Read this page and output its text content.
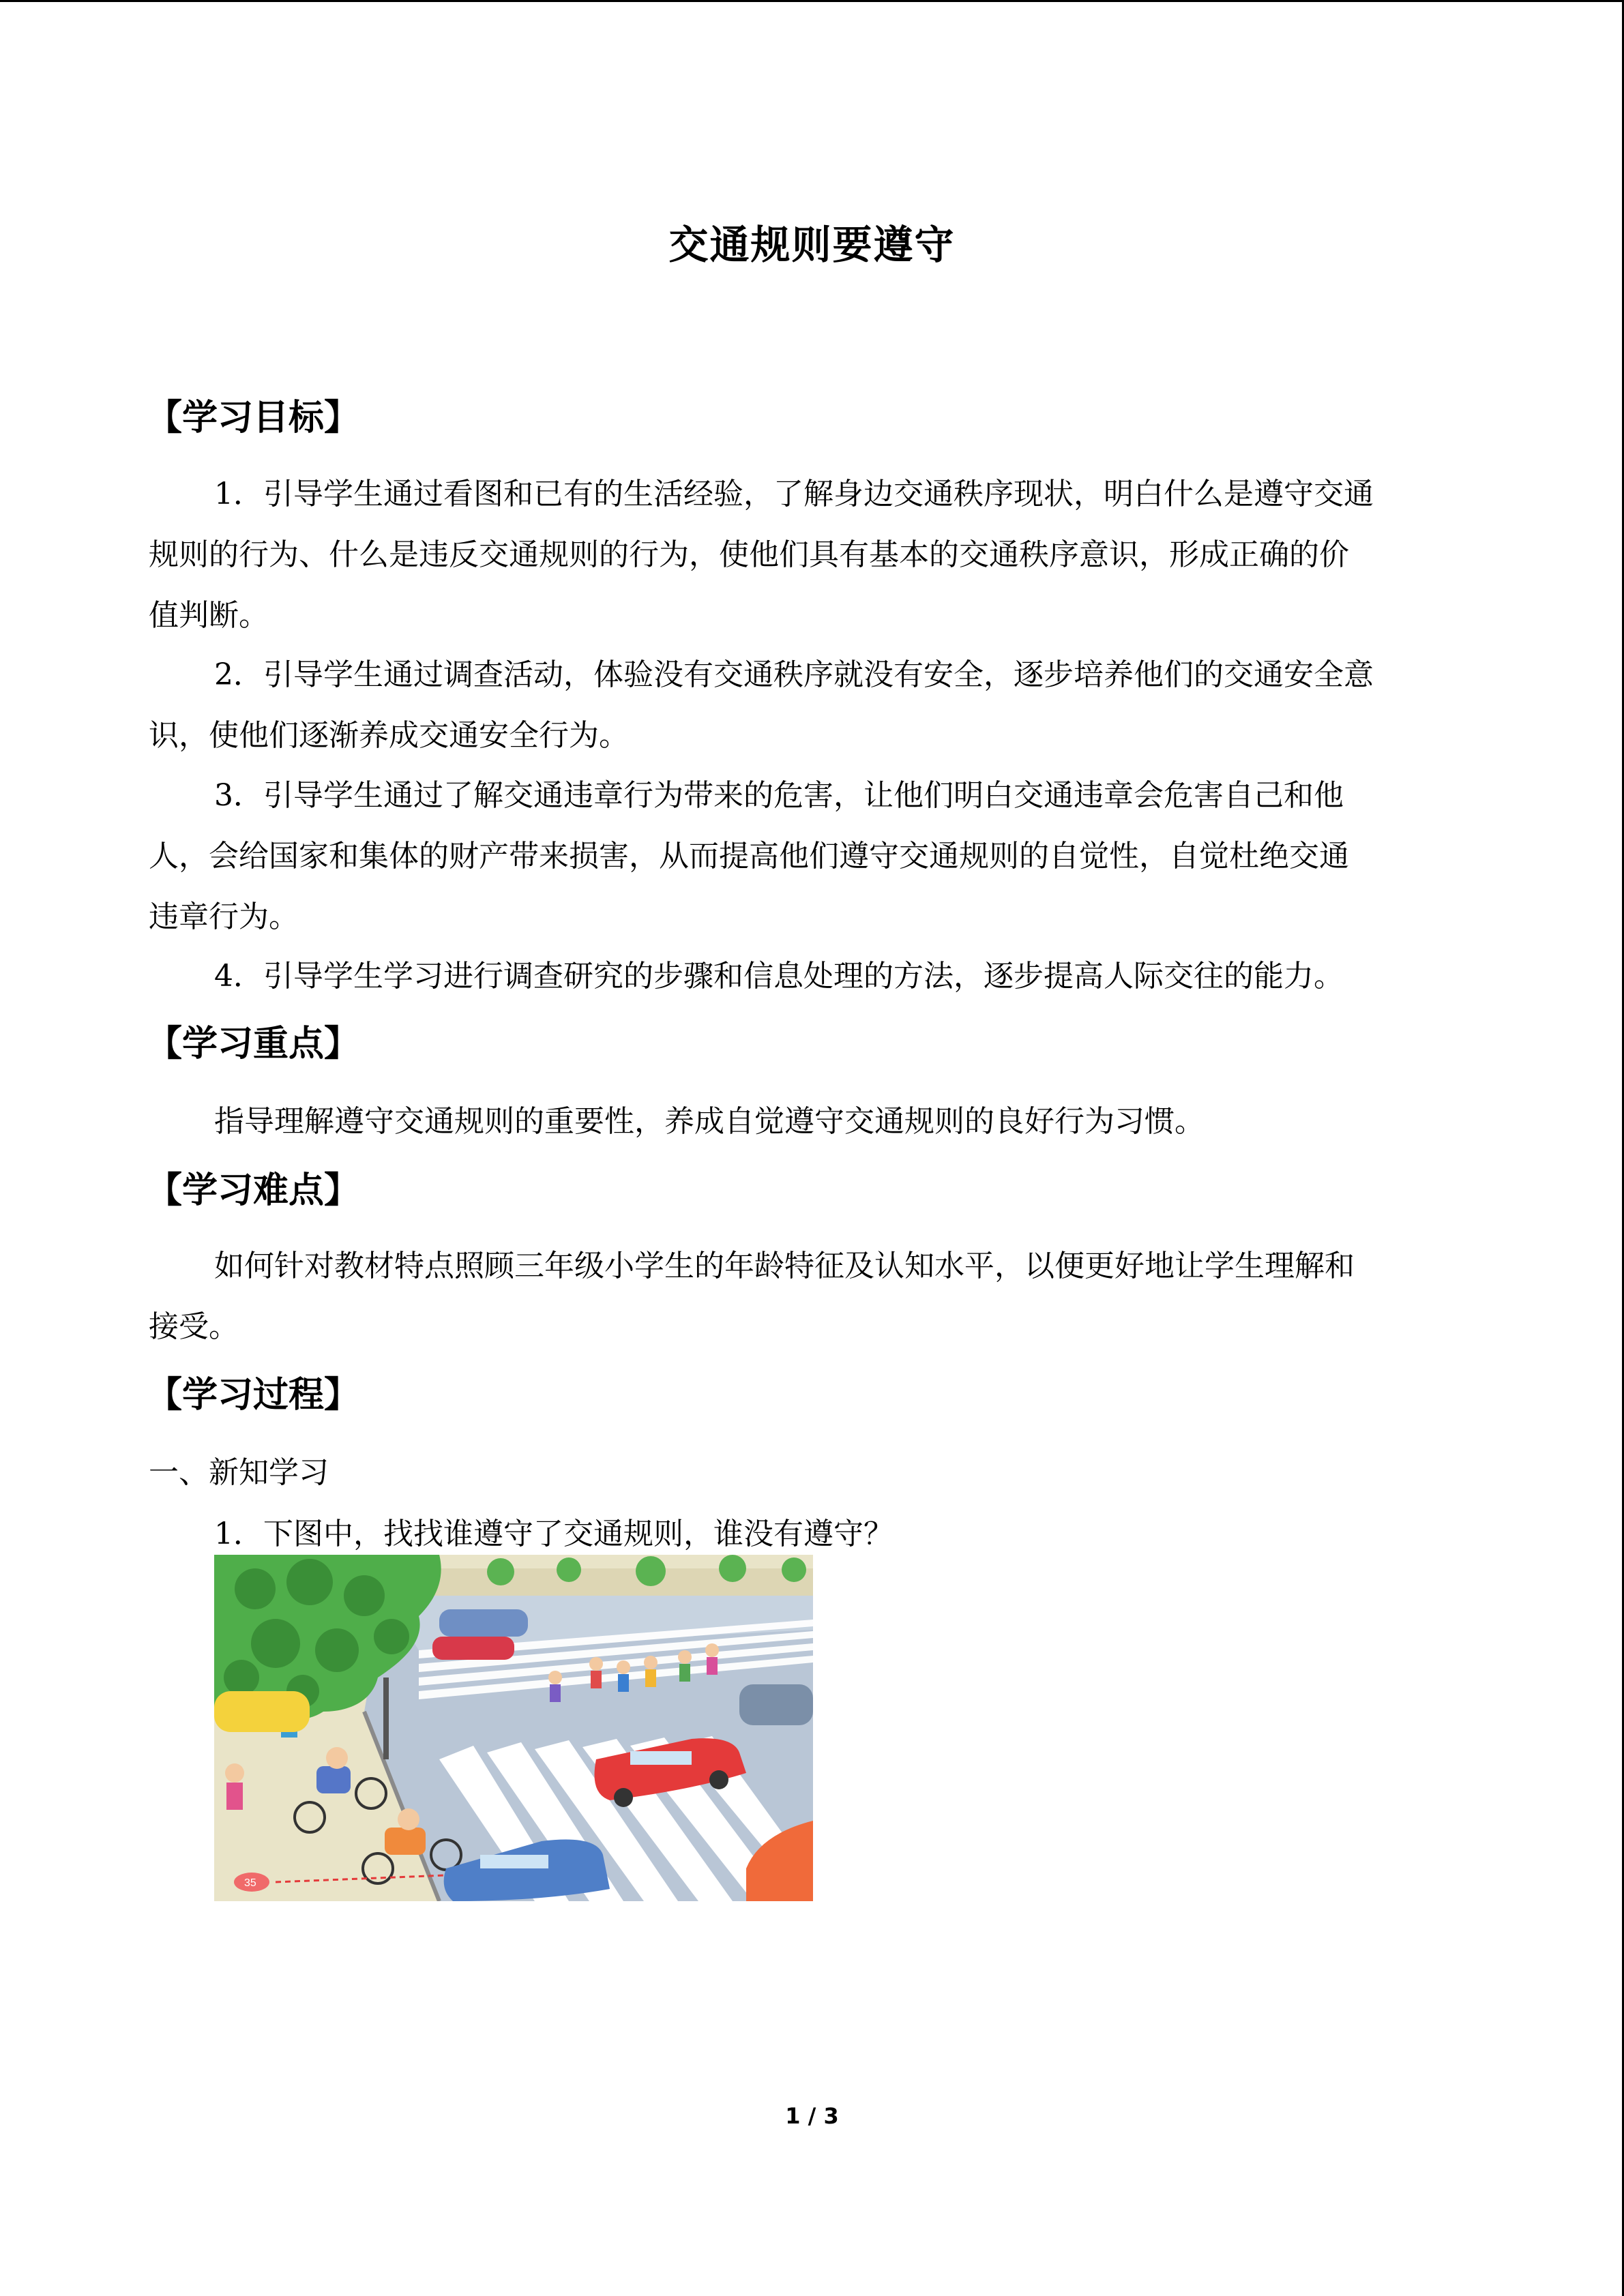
交通规则要遵守
【学习目标】
1．引导学生通过看图和已有的生活经验，了解身边交通秩序现状，明白什么是遵守交通
规则的行为、什么是违反交通规则的行为，使他们具有基本的交通秩序意识，形成正确的价
值判断。
2．引导学生通过调查活动，体验没有交通秩序就没有安全，逐步培养他们的交通安全意
识，使他们逐渐养成交通安全行为。
3．引导学生通过了解交通违章行为带来的危害，让他们明白交通违章会危害自己和他
人，会给国家和集体的财产带来损害，从而提高他们遵守交通规则的自觉性，自觉杜绝交通
违章行为。
4．引导学生学习进行调查研究的步骤和信息处理的方法，逐步提高人际交往的能力。
【学习重点】
指导理解遵守交通规则的重要性，养成自觉遵守交通规则的良好行为习惯。
【学习难点】
如何针对教材特点照顾三年级小学生的年龄特征及认知水平，以便更好地让学生理解和
接受。
【学习过程】
一、新知学习
1．下图中，找找谁遵守了交通规则，谁没有遵守？
35
1 / 3
